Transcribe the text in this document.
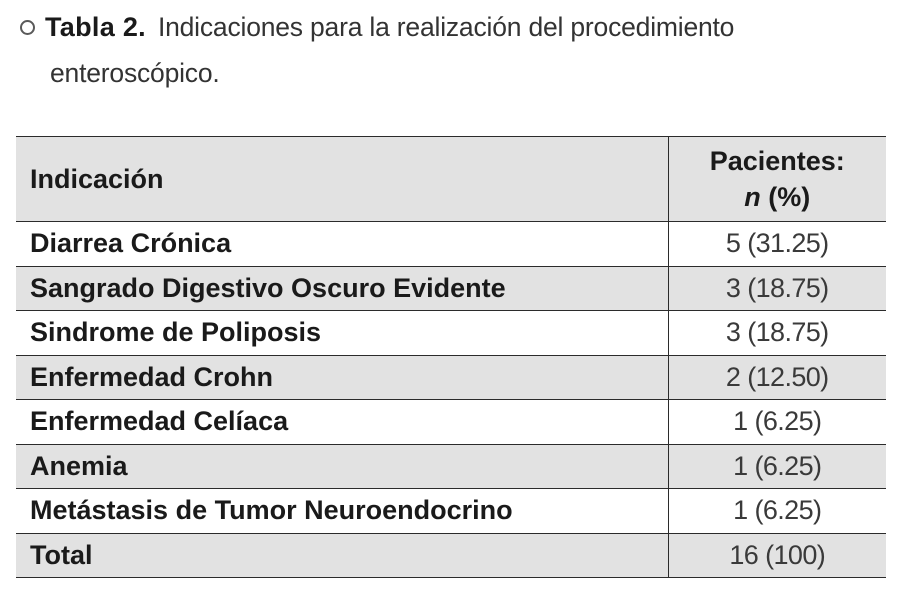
Tabla 2. Indicaciones para la realización del procedimiento
enteroscópico.
Indicación	Pacientes:
n (%)

Diarrea Crónica	5 (31.25)
Sangrado Digestivo Oscuro Evidente	3 (18.75)
Sindrome de Poliposis	3 (18.75)
Enfermedad Crohn	2 (12.50)
Enfermedad Celíaca	1 (6.25)
Anemia	1 (6.25)
Metástasis de Tumor Neuroendocrino	1 (6.25)
Total	16 (100)
